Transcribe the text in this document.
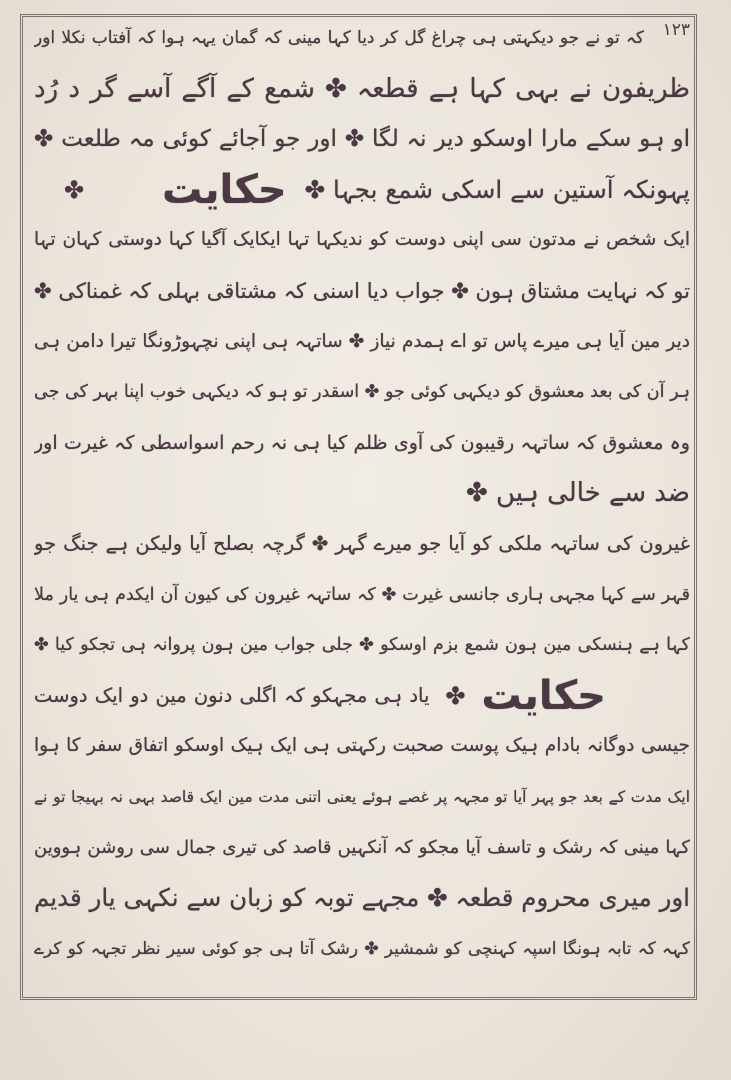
۱۲۳
کہ تو نے جو دیکہتی ہی چراغ گل کر دیا کہا مینی کہ گمان یہہ ہوا کہ آفتاب نکلا اور
ظریفون نے بہی کہا ہے قطعہ ✤ شمع کے آگے آسے گر د رُد
او ہو سکے مارا اوسکو دیر نہ لگا ✤ اور جو آجائے کوئی مہ طلعت ✤
پہونکہ آستین سے اسکی شمع بجہا ✤
حکایت
✤
ایک شخص نے مدتون سی اپنی دوست کو ندیکہا تہا ایکایک آگیا کہا دوستی کہان تہا
تو کہ نہایت مشتاق ہون ✤ جواب دیا اسنی کہ مشتاقی بہلی کہ غمناکی ✤
دیر مین آیا ہی میرے پاس تو اے ہمدم نیاز ✤ ساتہہ ہی اپنی نچہوڑونگا تیرا دامن ہی
ہر آن کی بعد معشوق کو دیکہی کوئی جو ✤ اسقدر تو ہو کہ دیکہی خوب اپنا بہر کی جی
وہ معشوق کہ ساتہہ رقیبون کی آوی ظلم کیا ہی نہ رحم اسواسطی کہ غیرت اور
ضد سے خالی ہیں ✤
غیرون کی ساتہہ ملکی کو آیا جو میرے گہر ✤ گرچہ بصلح آیا ولیکن ہے جنگ جو
قہر سے کہا مجہی ہاری جانسی غیرت ✤ کہ ساتہہ غیرون کی کیون آن ایکدم ہی یار ملا
کہا ہے ہنسکی مین ہون شمع بزم اوسکو ✤ جلی جواب مین ہون پروانہ ہی تجکو کیا ✤
حکایت
✤
یاد ہی مجہکو کہ اگلی دنون مین دو ایک دوست
جیسی دوگانہ بادام ہیک پوست صحبت رکہتی ہی ایک ہیک اوسکو اتفاق سفر کا ہوا
ایک مدت کے بعد جو پہر آیا تو مجہہ پر غصے ہوئے یعنی اتنی مدت مین ایک قاصد بہی نہ بہیجا تو نے
کہا مینی کہ رشک و تاسف آیا مجکو کہ آنکہیں قاصد کی تیری جمال سی روشن ہووین
اور میری محروم قطعہ ✤ مجہے توبہ کو زبان سے نکہی یار قدیم
کہہ کہ تابہ ہونگا اسپہ کہنچی کو شمشیر ✤ رشک آتا ہی جو کوئی سیر نظر تجہہ کو کرے
